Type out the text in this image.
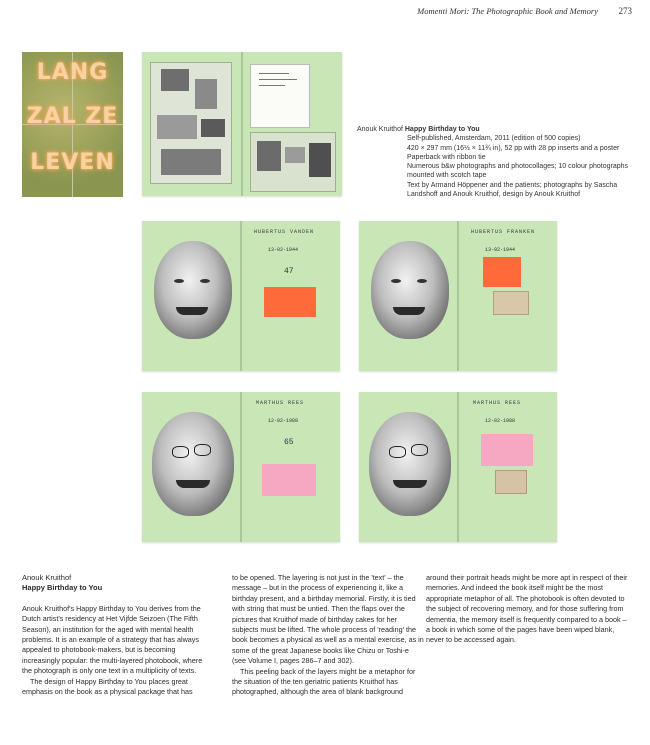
Momenti Mori: The Photographic Book and Memory 273
LANG
ZAL ZE
LEVEN
Anouk Kruithof Happy Birthday to You
Self-published, Amsterdam, 2011 (edition of 500 copies)
420 × 297 mm (16½ × 11¾ in), 52 pp with 28 pp inserts and a poster
Paperback with ribbon tie
Numerous b&w photographs and photocollages; 10 colour photographs mounted with scotch tape
Text by Armand Höppener and the patients; photographs by Sascha Landshoff and Anouk Kruithof, design by Anouk Kruithof
HUBERTUS VANDEN
13-02-1944
47
HUBERTUS FRANKEN
13-02-1944
MARTHUS REES
12-02-1988
65
MARTHUS REES
12-02-1988
Anouk Kruithof
Happy Birthday to You

Anouk Kruithof's Happy Birthday to You derives from the Dutch artist's residency at Het Vijfde Seizoen (The Fifth Season), an institution for the aged with mental health problems. It is an example of a strategy that has always appealed to photobook-makers, but is becoming increasingly popular: the multi-layered photobook, where the photograph is only one text in a multiplicity of texts.

The design of Happy Birthday to You places great emphasis on the book as a physical package that has

to be opened. The layering is not just in the 'text' – the message – but in the process of experiencing it, like a birthday present, and a birthday memorial. Firstly, it is tied with string that must be untied. Then the flaps over the pictures that Kruithof made of birthday cakes for her subjects must be lifted. The whole process of 'reading' the book becomes a physical as well as a mental exercise, as in some of the great Japanese books like Chizu or Toshi-e (see Volume I, pages 286–7 and 302).

This peeling back of the layers might be a metaphor for the situation of the ten geriatric patients Kruithof has photographed, although the area of blank background

around their portrait heads might be more apt in respect of their memories. And indeed the book itself might be the most appropriate metaphor of all. The photobook is often devoted to the subject of recovering memory, and for those suffering from dementia, the memory itself is frequently compared to a book – a book in which some of the pages have been wiped blank, never to be accessed again.
